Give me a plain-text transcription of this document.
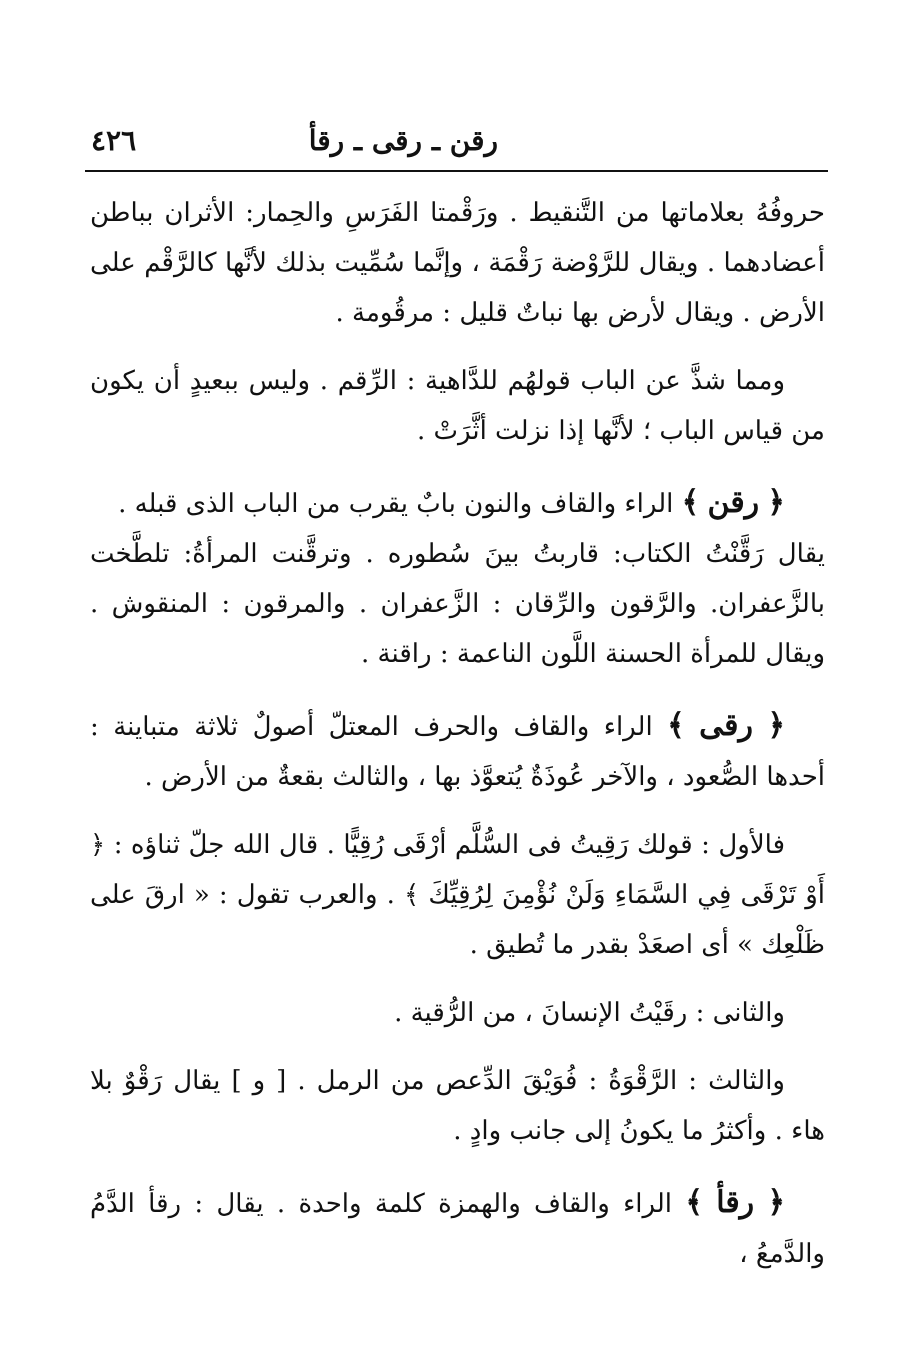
رقن ـ رقى ـ رقأ
٤٢٦

حروفُهُ بعلاماتها من التَّنقيط . ورَقْمتا الفَرَسِ والحِمار: الأثران بباطن أعضادهما . ويقال للرَّوْضة رَقْمَة ، وإنَّما سُمِّيت بذلك لأنَّها كالرَّقْم على الأرض . ويقال لأرض بها نباتٌ قليل : مرقُومة .

ومما شذَّ عن الباب قولهُم للدَّاهية : الرِّقم . وليس ببعيدٍ أن يكون من قياس الباب ؛ لأنَّها إذا نزلت أثَّرَتْ .

﴿ رقن ﴾ الراء والقاف والنون بابٌ يقرب من الباب الذى قبله .

يقال رَقَّنْتُ الكتاب: قاربتُ بينَ سُطوره . وترقَّنت المرأةُ: تلطَّخت بالزَّعفران. والرَّقون والرِّقان : الزَّعفران . والمرقون : المنقوش . ويقال للمرأة الحسنة اللَّون الناعمة : راقنة .

﴿ رقى ﴾ الراء والقاف والحرف المعتلّ أصولٌ ثلاثة متباينة : أحدها الصُّعود ، والآخر عُوذَةٌ يُتعوَّذ بها ، والثالث بقعةٌ من الأرض .

فالأول : قولك رَقِيتُ فى السُّلَّم أرْقَى رُقِيًّا . قال الله جلّ ثناؤه : ﴿ أَوْ تَرْقَى فِي السَّمَاءِ وَلَنْ نُؤْمِنَ لِرُقِيِّكَ ﴾ . والعرب تقول : « ارقَ على ظَلْعِك » أى اصعَدْ بقدر ما تُطيق .

والثانى : رقَيْتُ الإنسانَ ، من الرُّقية .

والثالث : الرَّقْوَةُ : فُوَيْقَ الدِّعص من الرمل . [ و ] يقال رَقْوٌ بلا هاء . وأكثرُ ما يكونُ إلى جانب وادٍ .

﴿ رقأ ﴾ الراء والقاف والهمزة كلمة واحدة . يقال : رقأ الدَّمُ والدَّمعُ ،
